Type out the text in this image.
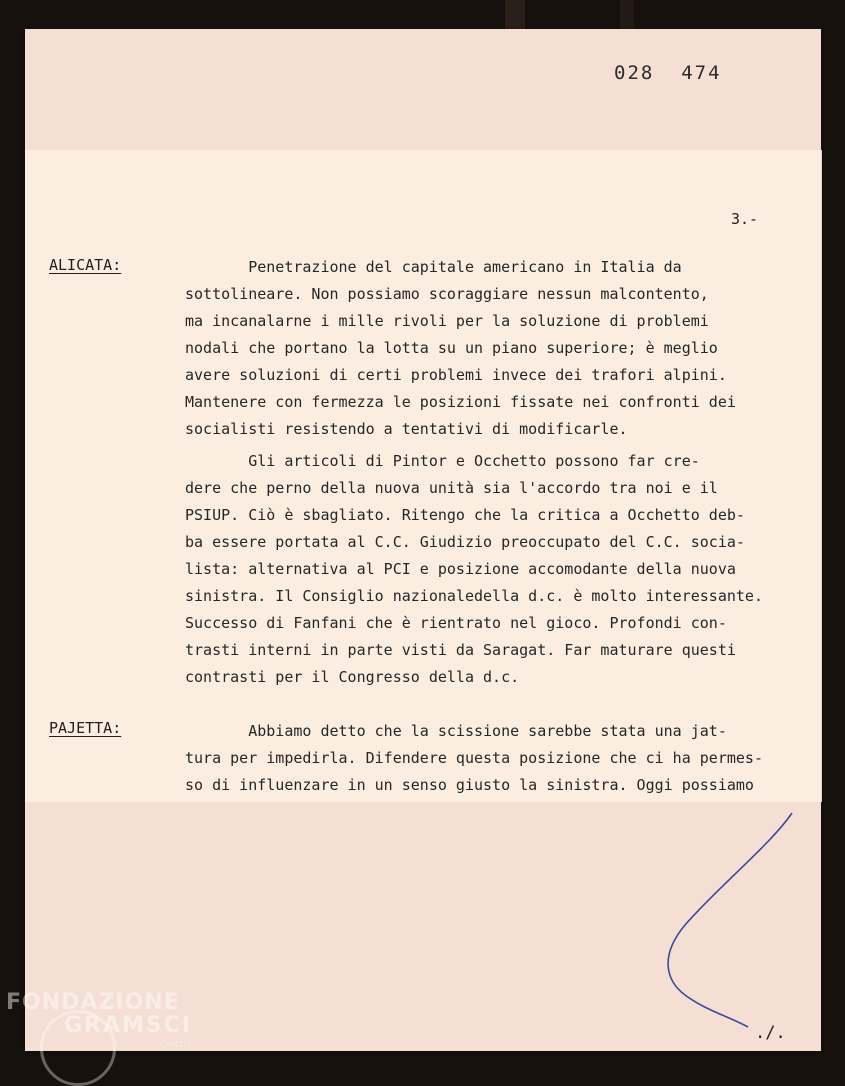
028  474
3.-
ALICATA:
PAJETTA:
Penetrazione del capitale americano in Italia da
sottolineare. Non possiamo scoraggiare nessun malcontento,
ma incanalarne i mille rivoli per la soluzione di problemi
nodali che portano la lotta su un piano superiore; è meglio
avere soluzioni di certi problemi invece dei trafori alpini.
Mantenere con fermezza le posizioni fissate nei confronti dei
socialisti resistendo a tentativi di modificarle.
Gli articoli di Pintor e Occhetto possono far cre-
dere che perno della nuova unità sia l'accordo tra noi e il
PSIUP. Ciò è sbagliato. Ritengo che la critica a Occhetto deb-
ba essere portata al C.C. Giudizio preoccupato del C.C. socia-
lista: alternativa al PCI e posizione accomodante della nuova
sinistra. Il Consiglio nazionaledella d.c. è molto interessante.
Successo di Fanfani che è rientrato nel gioco. Profondi con-
trasti interni in parte visti da Saragat. Far maturare questi
contrasti per il Congresso della d.c.
Abbiamo detto che la scissione sarebbe stata una jat-
tura per impedirla. Difendere questa posizione che ci ha permes-
so di influenzare in un senso giusto la sinistra. Oggi possiamo
./.
FONDAZIONE
GRAMSCI
ONLUS
